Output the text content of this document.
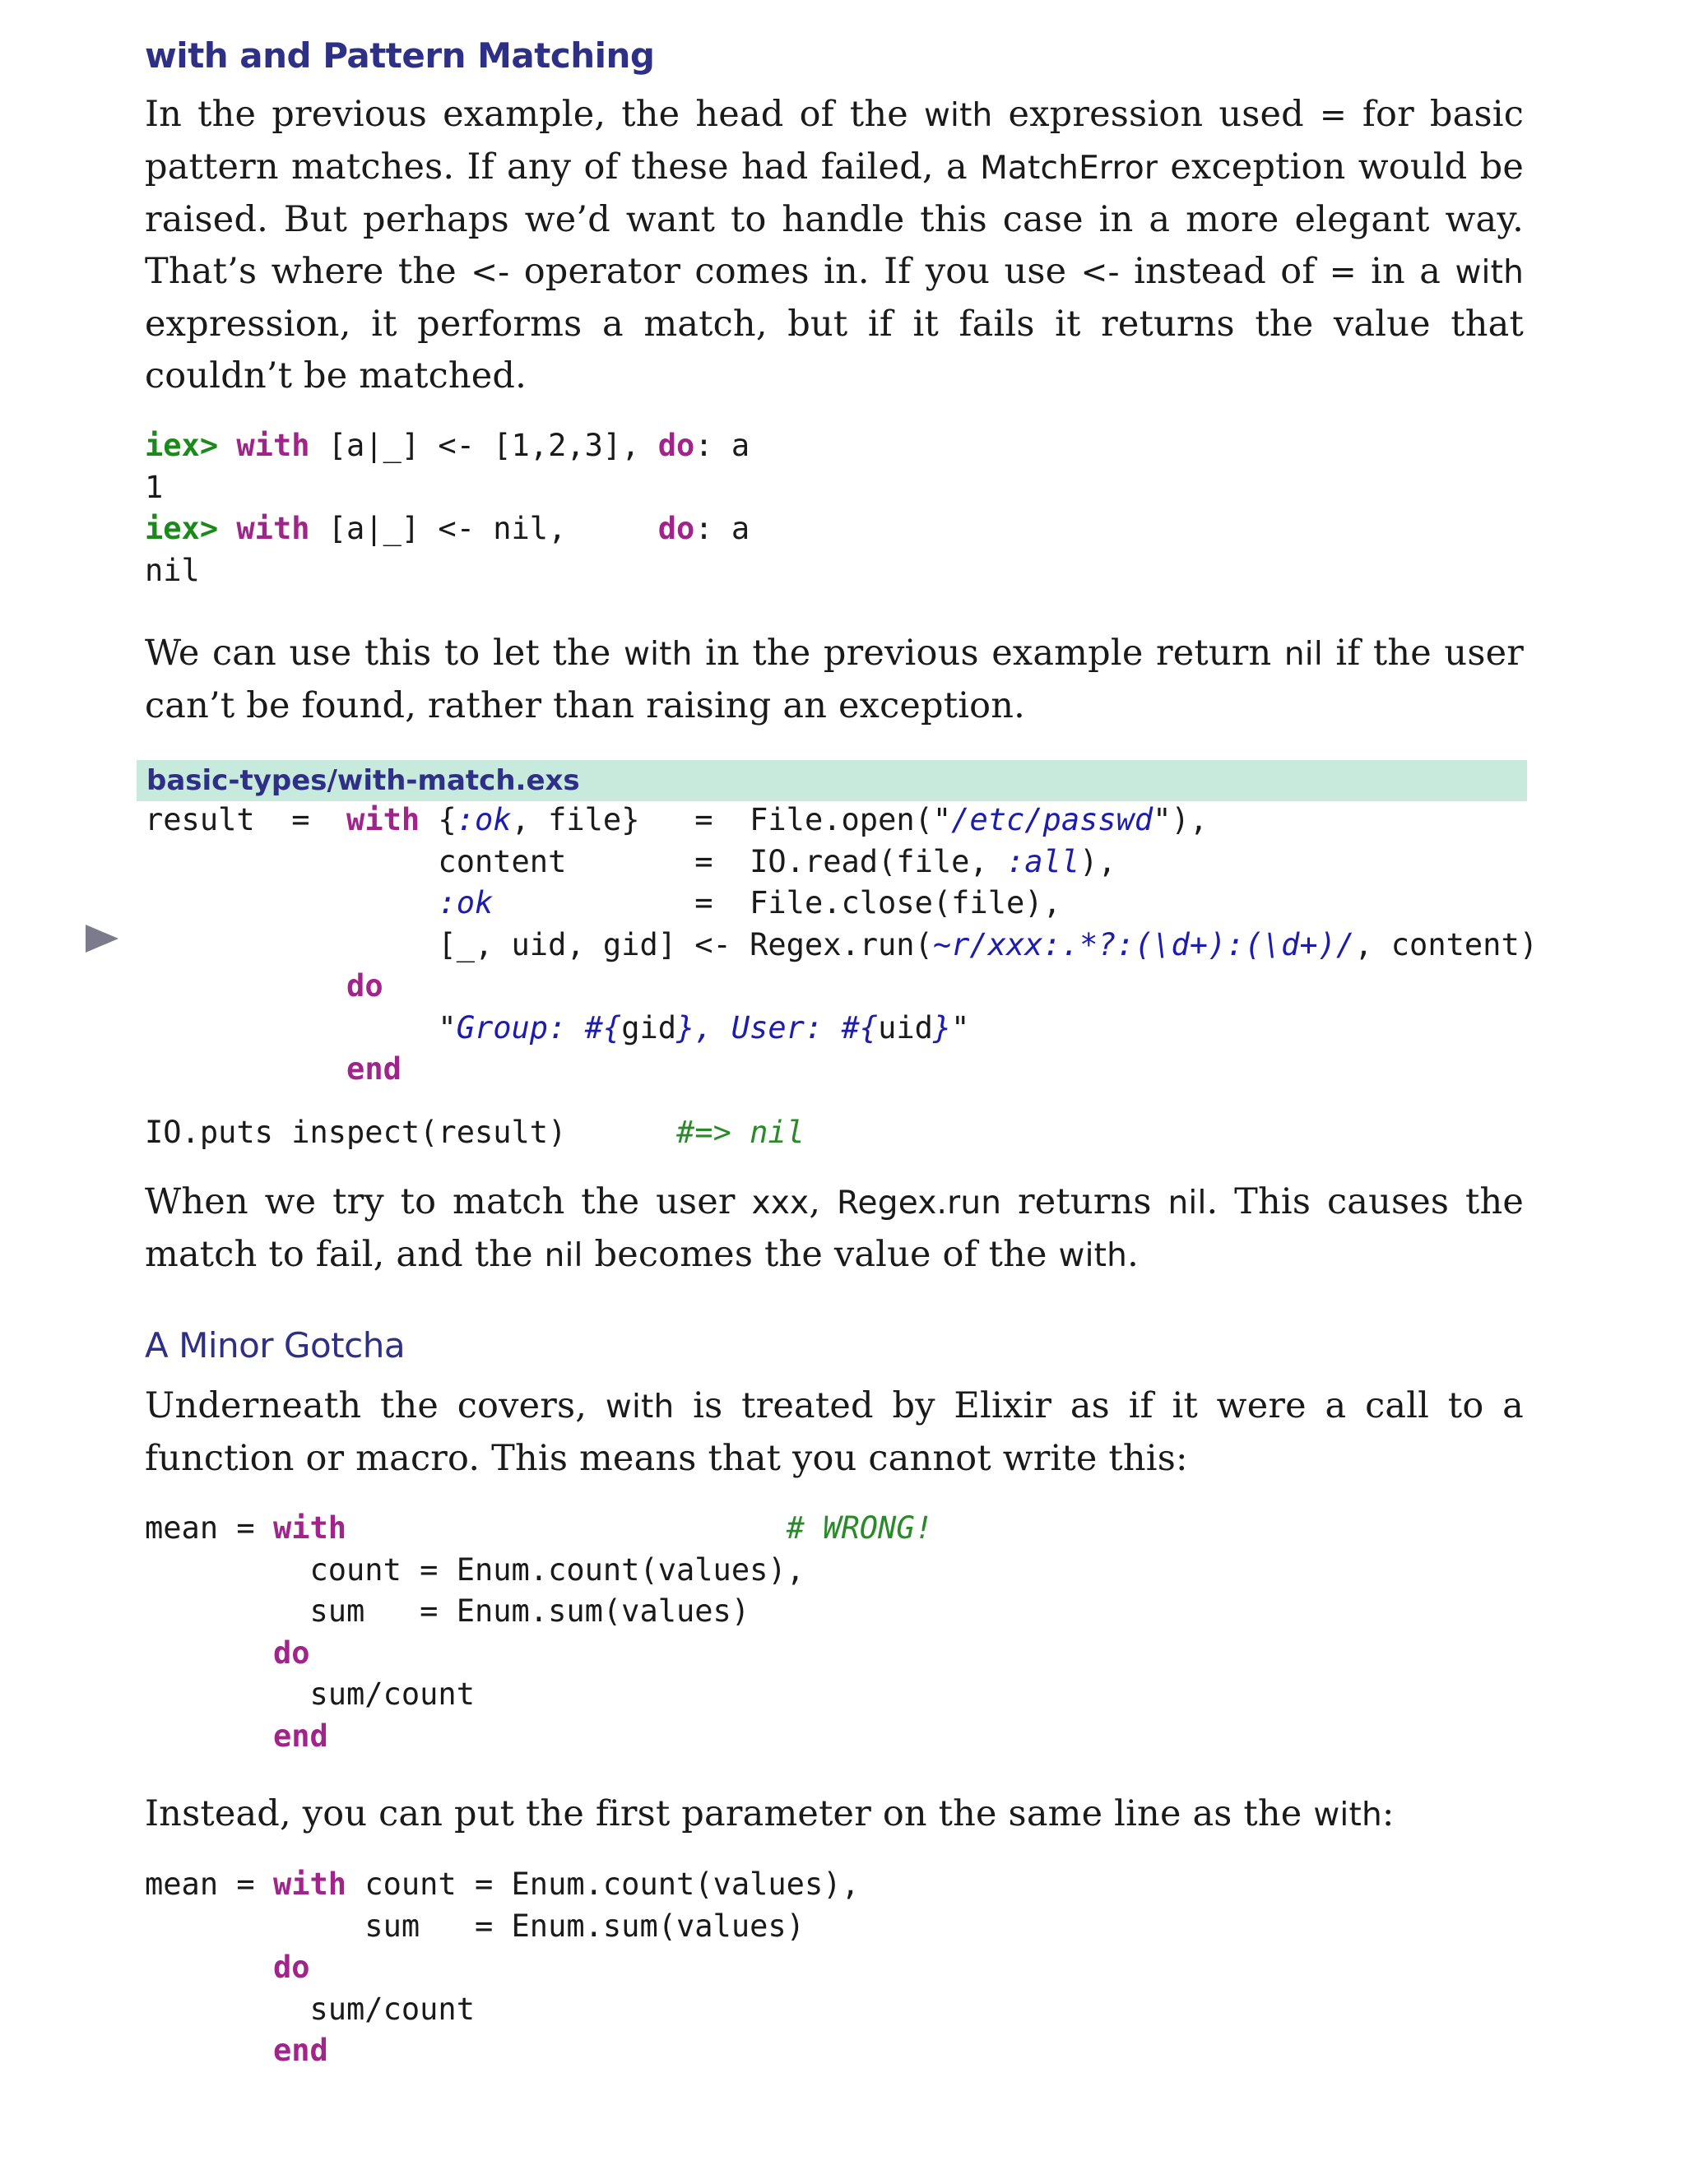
with and Pattern Matching

In the previous example, the head of the with expression used = for basic pattern matches. If any of these had failed, a MatchError exception would be raised. But perhaps we’d want to handle this case in a more elegant way. That’s where the <- operator comes in. If you use <- instead of = in a with expression, it performs a match, but if it fails it returns the value that couldn’t be matched.

iex> with [a|_] <- [1,2,3], do: a
1
iex> with [a|_] <- nil,     do: a
nil

We can use this to let the with in the previous example return nil if the user can’t be found, rather than raising an exception.

basic-types/with-match.exs
result  =  with {:ok, file}   =  File.open("/etc/passwd"),
content       =  IO.read(file, :all),
:ok           =  File.close(file),
[_, uid, gid] <- Regex.run(~r/xxx:.*?:(\d+):(\d+)/, content)
do
"Group: #{gid}, User: #{uid}"
end
IO.puts inspect(result)      #=> nil

When we try to match the user xxx, Regex.run returns nil. This causes the match to fail, and the nil becomes the value of the with.

A Minor Gotcha

Underneath the covers, with is treated by Elixir as if it were a call to a function or macro. This means that you cannot write this:

mean = with	# WRONG!
count = Enum.count(values),
sum   = Enum.sum(values)
do
sum/count
end

Instead, you can put the first parameter on the same line as the with:

mean = with count = Enum.count(values),
sum   = Enum.sum(values)
do
sum/count
end
